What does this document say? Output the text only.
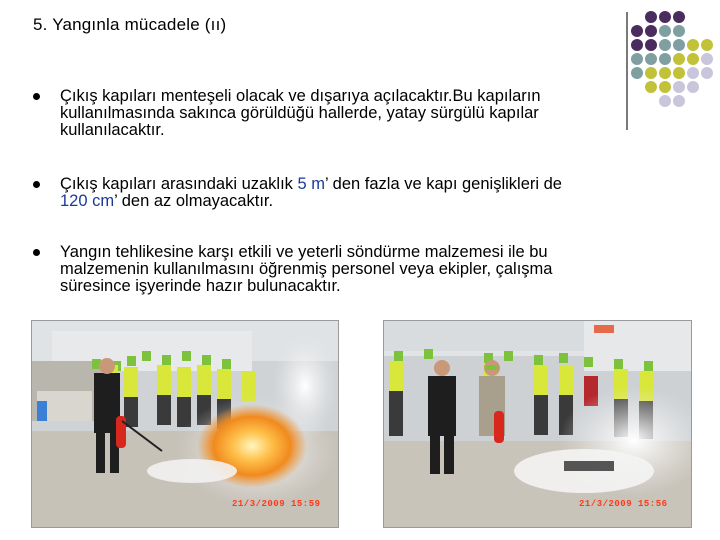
5. Yangınla mücadele (ıı)
Çıkış kapıları menteşeli olacak ve dışarıya açılacaktır.Bu kapıların
kullanılmasında sakınca görüldüğü hallerde, yatay sürgülü kapılar
kullanılacaktır.
Çıkış kapıları arasındaki uzaklık 5 m’ den fazla ve kapı genişlikleri de
120 cm’ den az olmayacaktır.
Yangın tehlikesine karşı etkili ve yeterli söndürme malzemesi ile bu
malzemenin kullanılmasını öğrenmiş personel veya ekipler, çalışma
süresince işyerinde hazır bulunacaktır.
21/3/2009 15:59	21/3/2009 15:56
